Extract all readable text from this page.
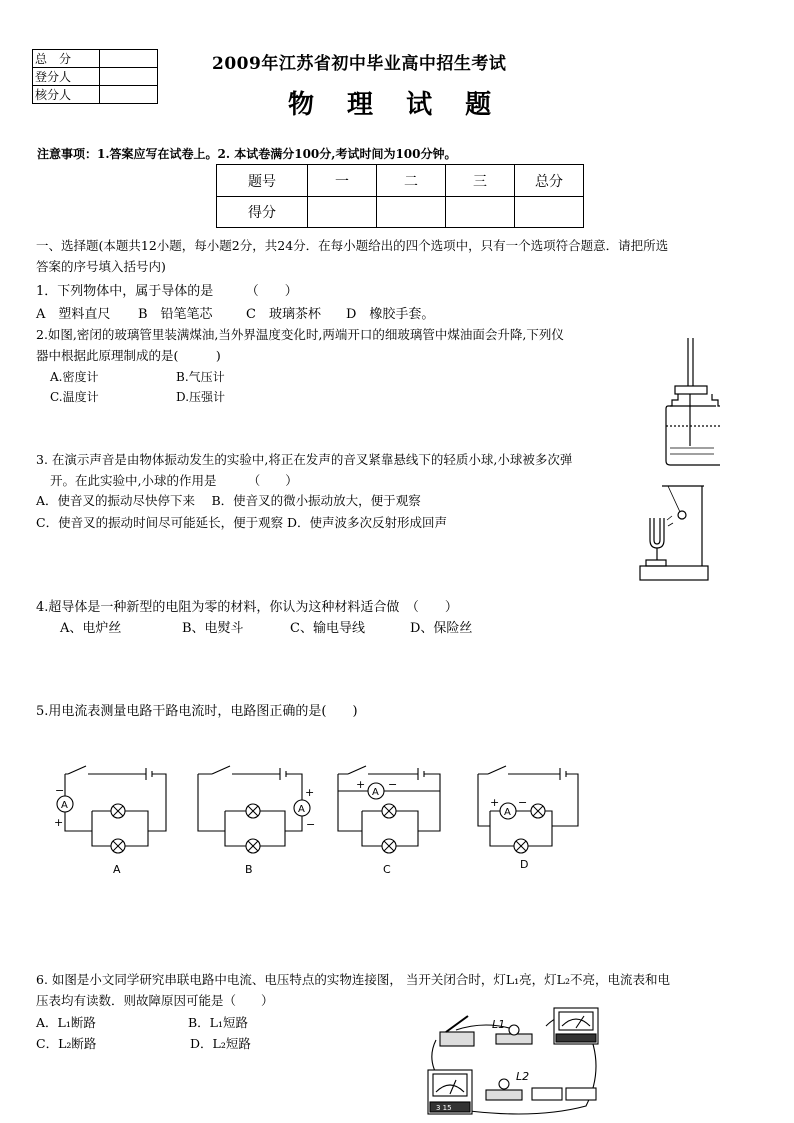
总　分	
登分人	
核分人	
2009年江苏省初中毕业高中招生考试
物 理 试 题
注意事项：1.答案应写在试卷上。2. 本试卷满分100分,考试时间为100分钟。
题号	一	二	三	总分
得分				
一、选择题(本题共12小题，每小题2分，共24分．在每小题给出的四个选项中，只有一个选项符合题意．请把所选
答案的序号填入括号内)
1．下列物体中，属于导体的是　　　（　　）
A　塑料直尺 B　铅笔笔芯	C　玻璃茶杯 D　橡胶手套。
2.如图,密闭的玻璃管里装满煤油,当外界温度变化时,两端开口的细玻璃管中煤油面会升降,下列仪
器中根据此原理制成的是(　　　)
A.密度计	B.气压计
C.温度计	D.压强计
3. 在演示声音是由物体振动发生的实验中,将正在发声的音叉紧靠悬线下的轻质小球,小球被多次弹
开。在此实验中,小球的作用是　　　（　　）
A．使音叉的振动尽快停下来　 B．使音叉的微小振动放大，便于观察
C．使音叉的振动时间尽可能延长，便于观察 D．使声波多次反射形成回声
4.超导体是一种新型的电阻为零的材料，你认为这种材料适合做　（　　）
A、电炉丝	B、电熨斗	C、输电导线	D、保险丝
5.用电流表测量电路干路电流时，电路图正确的是(　　)
A
−
+
A
A
+
−
B
A
+ −
C
A
+ −
D
6. 如图是小文同学研究串联电路中电流、电压特点的实物连接图， 当开关闭合时，灯L₁亮，灯L₂不亮，电流表和电
压表均有读数．则故障原因可能是（　　）
A．L₁断路	B．L₁短路
C．L₂断路	D．L₂短路
L1
3 15
L2
